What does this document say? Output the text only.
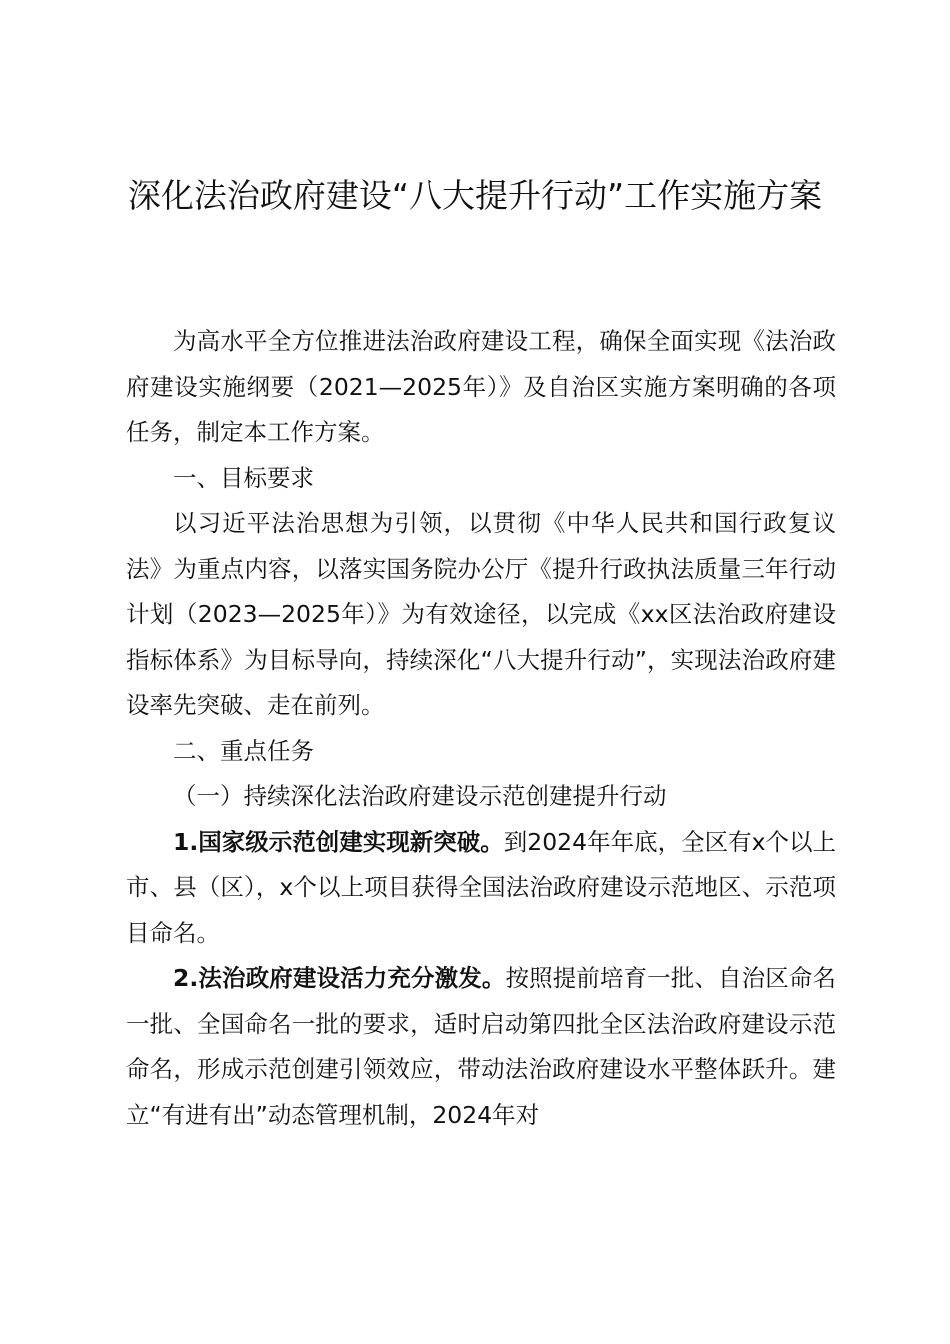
深化法治政府建设“八大提升行动”工作实施方案

为高水平全方位推进法治政府建设工程，确保全面实现《法治政府建设实施纲要（2021—2025年）》及自治区实施方案明确的各项任务，制定本工作方案。

一、目标要求

以习近平法治思想为引领，以贯彻《中华人民共和国行政复议法》为重点内容，以落实国务院办公厅《提升行政执法质量三年行动计划（2023—2025年）》为有效途径，以完成《xx区法治政府建设指标体系》为目标导向，持续深化“八大提升行动”，实现法治政府建设率先突破、走在前列。

二、重点任务

（一）持续深化法治政府建设示范创建提升行动

1.国家级示范创建实现新突破。到2024年年底，全区有x个以上市、县（区），x个以上项目获得全国法治政府建设示范地区、示范项目命名。

2.法治政府建设活力充分激发。按照提前培育一批、自治区命名一批、全国命名一批的要求，适时启动第四批全区法治政府建设示范命名，形成示范创建引领效应，带动法治政府建设水平整体跃升。建立“有进有出”动态管理机制，2024年对
